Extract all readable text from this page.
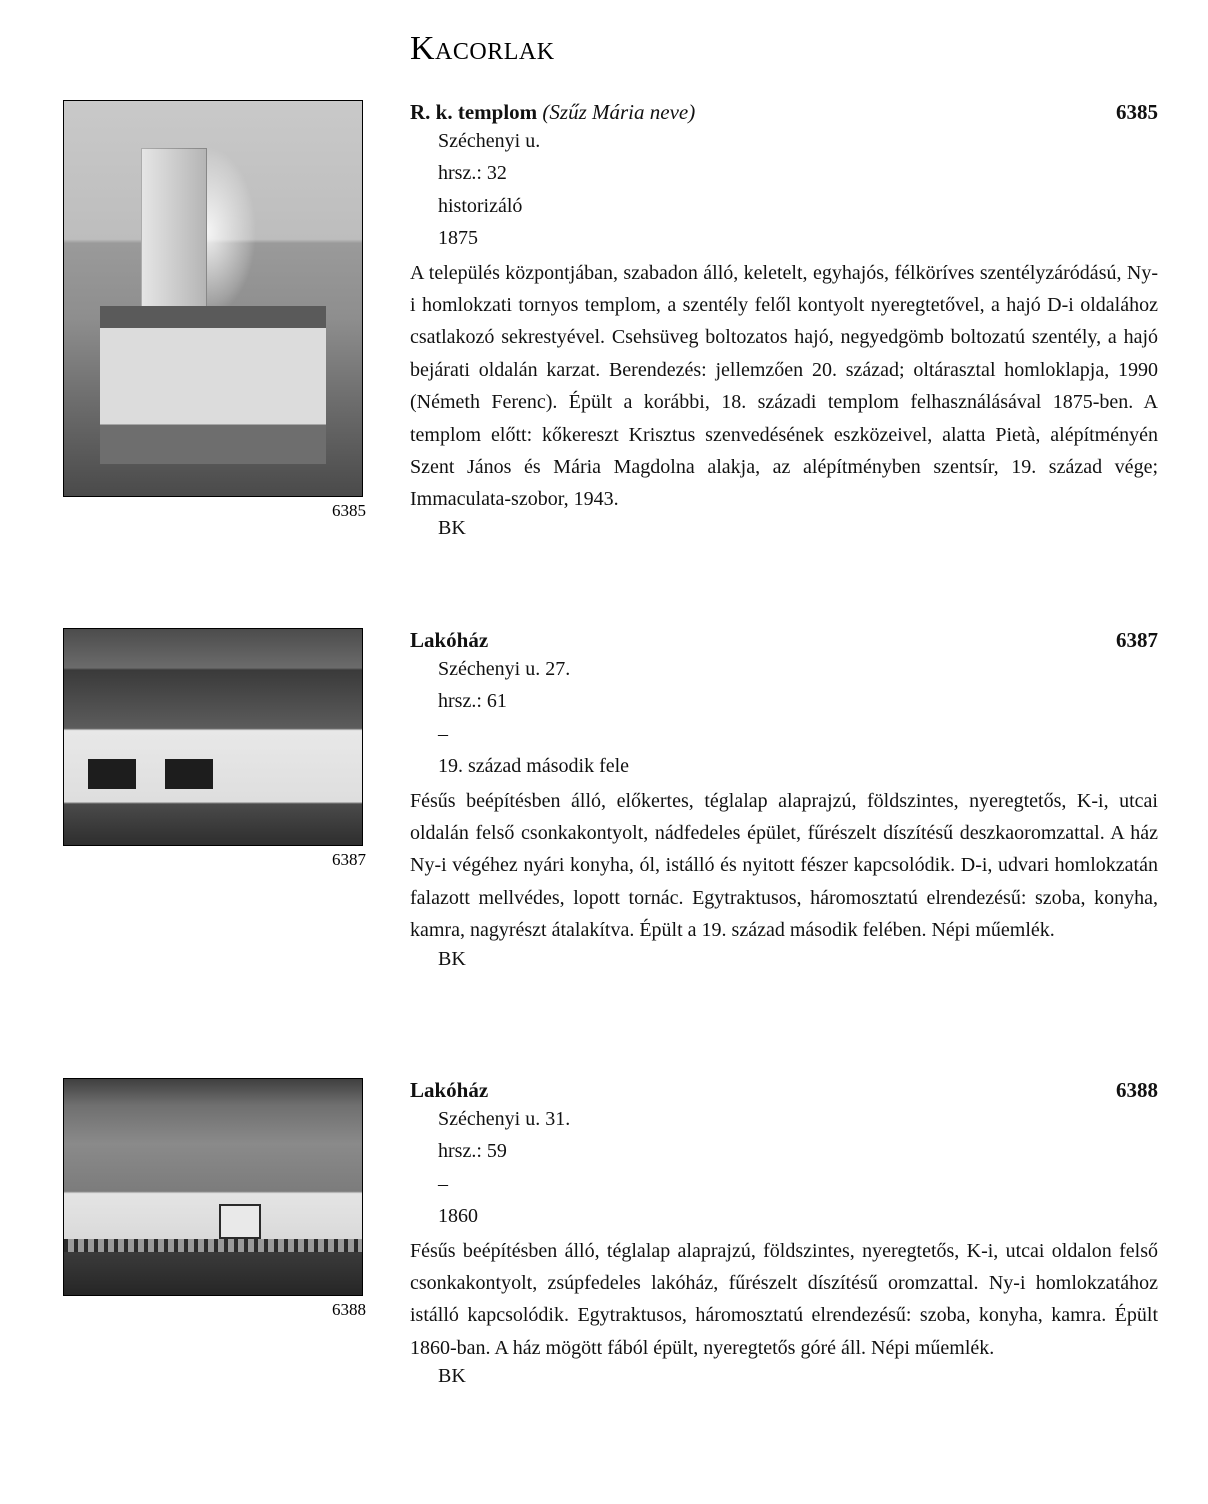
Kacorlak
6385
R. k. templom (Szűz Mária neve)	6385
Széchenyi u.
hrsz.: 32
historizáló
1875
A település központjában, szabadon álló, keletelt, egyhajós, félköríves szentélyzáródású, Ny-i homlokzati tornyos templom, a szentély felől kontyolt nyeregtetővel, a hajó D-i oldalához csatlakozó sekrestyével. Csehsüveg boltozatos hajó, negyedgömb boltozatú szentély, a hajó bejárati oldalán karzat. Berendezés: jellemzően 20. század; oltárasztal homloklapja, 1990 (Németh Ferenc). Épült a korábbi, 18. századi templom felhasználásával 1875-ben. A templom előtt: kőkereszt Krisztus szenvedésének eszközeivel, alatta Pietà, alépítményén Szent János és Mária Magdolna alakja, az alépítményben szentsír, 19. század vége; Immaculata-szobor, 1943.
BK
6387
Lakóház	6387
Széchenyi u. 27.
hrsz.: 61
–
19. század második fele
Fésűs beépítésben álló, előkertes, téglalap alaprajzú, földszintes, nyeregtetős, K-i, utcai oldalán felső csonkakontyolt, nádfedeles épület, fűrészelt díszítésű deszkaoromzattal. A ház Ny-i végéhez nyári konyha, ól, istálló és nyitott fészer kapcsolódik. D-i, udvari homlokzatán falazott mellvédes, lopott tornác. Egytraktusos, háromosztatú elrendezésű: szoba, konyha, kamra, nagyrészt átalakítva. Épült a 19. század második felében. Népi műemlék.
BK
6388
Lakóház	6388
Széchenyi u. 31.
hrsz.: 59
–
1860
Fésűs beépítésben álló, téglalap alaprajzú, földszintes, nyeregtetős, K-i, utcai oldalon felső csonkakontyolt, zsúpfedeles lakóház, fűrészelt díszítésű oromzattal. Ny-i homlokzatához istálló kapcsolódik. Egytraktusos, háromosztatú elrendezésű: szoba, konyha, kamra. Épült 1860-ban. A ház mögött fából épült, nyeregtetős góré áll. Népi műemlék.
BK
